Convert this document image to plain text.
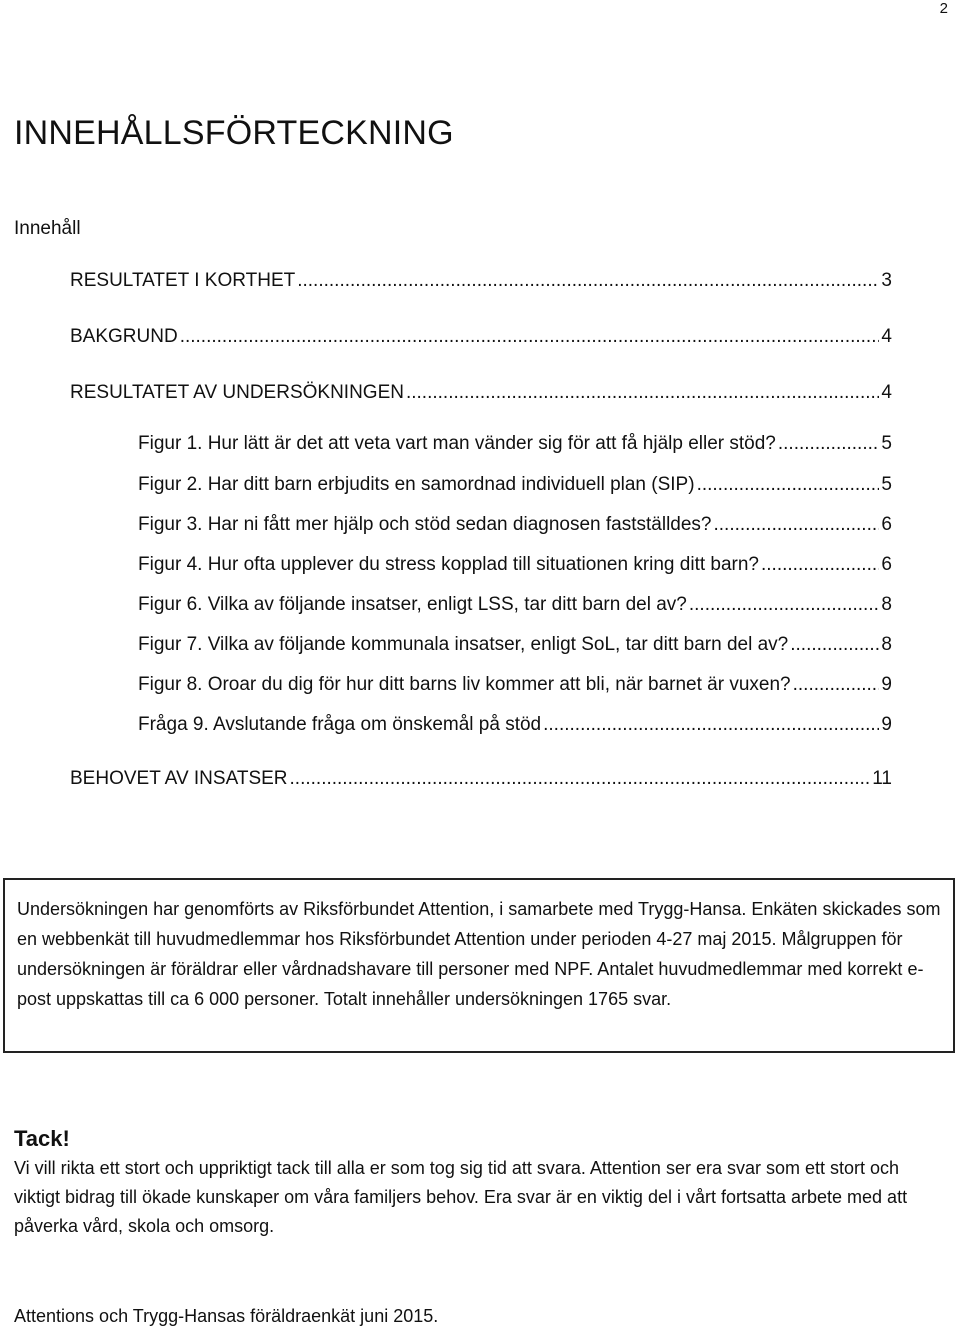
2
INNEHÅLLSFÖRTECKNING
Innehåll
RESULTATET I KORTHET .....	3
BAKGRUND .....	4
RESULTATET AV UNDERSÖKNINGEN .....	4
Figur 1. Hur lätt är det att veta vart man vänder sig för att få hjälp eller stöd? .....	5
Figur 2. Har ditt barn erbjudits en samordnad individuell plan (SIP) .....	5
Figur 3. Har ni fått mer hjälp och stöd sedan diagnosen fastställdes? .....	6
Figur 4. Hur ofta upplever du stress kopplad till situationen kring ditt barn? .....	6
Figur 6. Vilka av följande insatser, enligt LSS, tar ditt barn del av? .....	8
Figur 7. Vilka av följande kommunala insatser, enligt SoL, tar ditt barn del av? .....	8
Figur 8. Oroar du dig för hur ditt barns liv kommer att bli, när barnet är vuxen? .....	9
Fråga 9. Avslutande fråga om önskemål på stöd .....	9
BEHOVET AV INSATSER .....	11
Undersökningen har genomförts av Riksförbundet Attention, i samarbete med Trygg-Hansa. Enkäten skickades som en webbenkät till huvudmedlemmar hos Riksförbundet Attention under perioden 4-27 maj 2015. Målgruppen för undersökningen är föräldrar eller vårdnadshavare till personer med NPF. Antalet huvudmedlemmar med korrekt e-post uppskattas till ca 6 000 personer. Totalt innehåller undersökningen 1765 svar.
Tack!
Vi vill rikta ett stort och uppriktigt tack till alla er som tog sig tid att svara. Attention ser era svar som ett stort och viktigt bidrag till ökade kunskaper om våra familjers behov. Era svar är en viktig del i vårt fortsatta arbete med att påverka vård, skola och omsorg.
Attentions och Trygg-Hansas föräldraenkät juni 2015.
